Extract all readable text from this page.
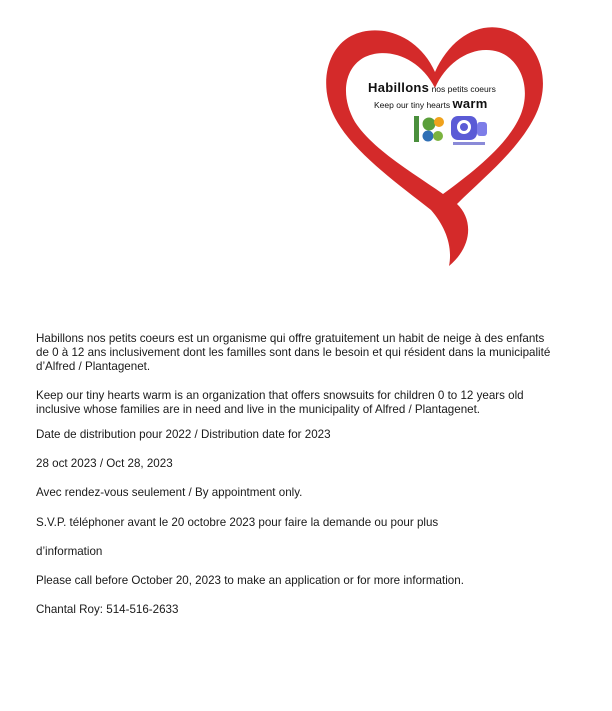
Habillons nos petits coeurs
Keep our tiny hearts warm

Habillons nos petits coeurs est un organisme qui offre gratuitement un habit de neige à des enfants de 0 à 12 ans inclusivement dont les familles sont dans le besoin et qui résident dans la municipalité d’Alfred / Plantagenet.

Keep our tiny hearts warm is an organization that offers snowsuits for children 0 to 12 years old inclusive whose families are in need and live in the municipality of Alfred / Plantagenet.

Date de distribution pour 2022 / Distribution date for 2023

28 oct 2023 / Oct 28, 2023

Avec rendez-vous seulement / By appointment only.

S.V.P. téléphoner avant le 20 octobre 2023 pour faire la demande ou pour plus

d’information

Please call before October 20, 2023 to make an application or for more information.

Chantal Roy: 514-516-2633
